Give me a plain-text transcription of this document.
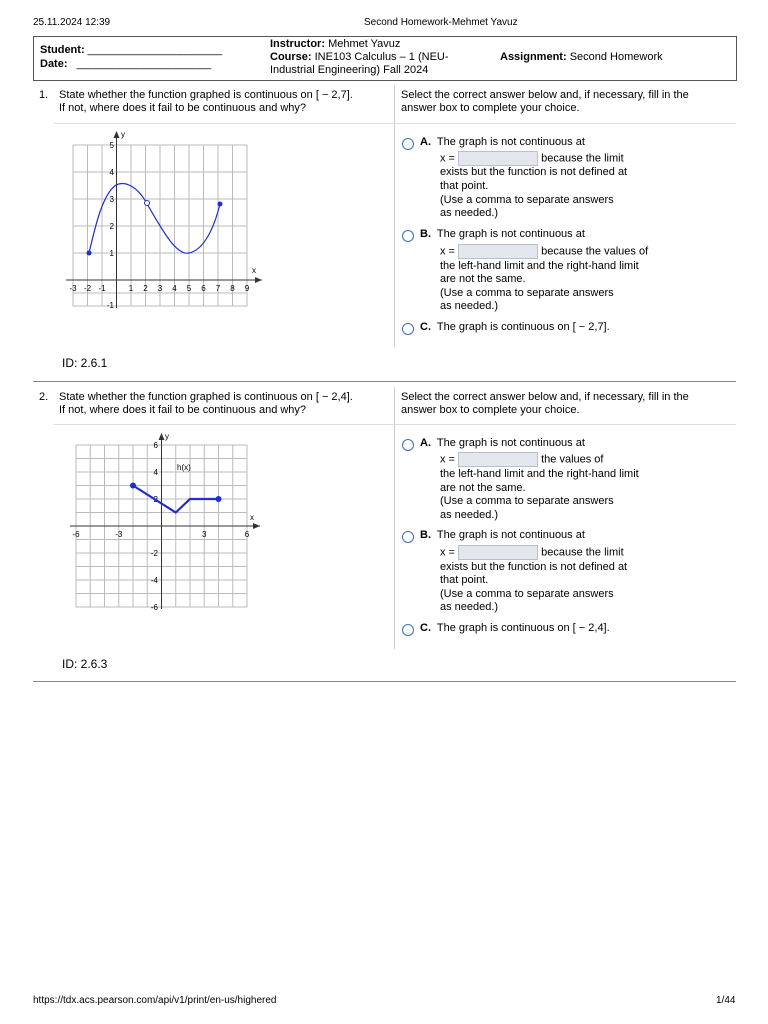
25.11.2024 12:39	Second Homework-Mehmet Yavuz
Student: ______________________
Date: ______________________
Instructor: Mehmet Yavuz
Course: INE103 Calculus – 1 (NEU-
Industrial Engineering) Fall 2024
Assignment: Second Homework
1. State whether the function graphed is continuous on [ − 2,7].
If not, where does it fail to be continuous and why?
Select the correct answer below and, if necessary, fill in the
answer box to complete your choice.
x
y
-3 -2 -1	1 2 3 4 5 6 7 8 9
5
4
3
2
1
-1
A. The graph is not continuous at
x =	because the limit
exists but the function is not defined at
that point.
(Use a comma to separate answers
as needed.)
B. The graph is not continuous at
x =	because the values of
the left-hand limit and the right-hand limit
are not the same.
(Use a comma to separate answers
as needed.)
C. The graph is continuous on [ − 2,7].
ID: 2.6.1
2. State whether the function graphed is continuous on [ − 2,4].
If not, where does it fail to be continuous and why?
Select the correct answer below and, if necessary, fill in the
answer box to complete your choice.
x
y
h(x)
-6	-3	3	6
6
4
2
-2
-4
-6
A. The graph is not continuous at
x =	the values of
the left-hand limit and the right-hand limit
are not the same.
(Use a comma to separate answers
as needed.)
B. The graph is not continuous at
x =	because the limit
exists but the function is not defined at
that point.
(Use a comma to separate answers
as needed.)
C. The graph is continuous on [ − 2,4].
ID: 2.6.3
https://tdx.acs.pearson.com/api/v1/print/en-us/highered	1/44
